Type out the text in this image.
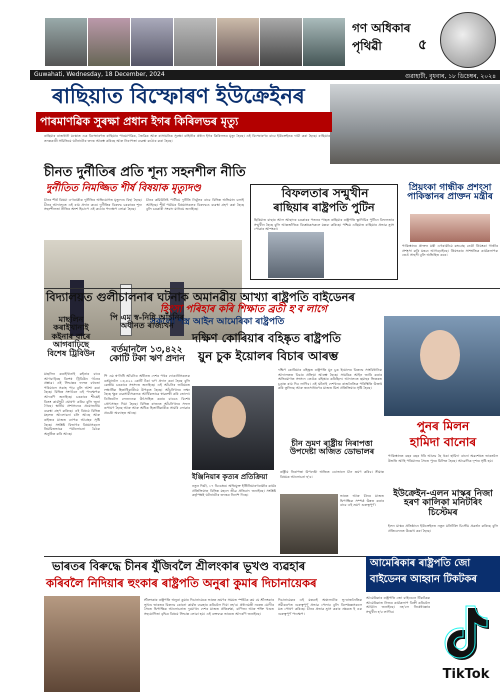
গণ অধিকাৰ
পৃথিৱী	৫
Guwahati, Wednesday, 18 December, 2024	গুৱাহাটী, বুধবাৰ, ১৮ ডিচেম্বৰ, ২০২৪
ৰাছিয়াত বিস্ফোৰণ ইউক্ৰেইনৰ
পাৰমাণৱিক সুৰক্ষা প্ৰধান ইগৰ কিৰিলভৰ মৃত্যু
ৰাছিয়াৰ ৰাজধানী মস্কোত এক বিস্ফোৰণত ৰাছিয়াৰ পাৰমাণৱিক, জৈৱিক আৰু ৰাসায়নিক সুৰক্ষা বাহিনীৰ প্ৰধান ইগৰ কিৰিলভৰ মৃত্যু হৈছে। এই বিস্ফোৰণৰ বাবে ইউক্ৰেইনক দায়ী কৰা হৈছে। ৰাছিয়াৰ তদন্তকাৰী সমিতিয়ে ঘটনাটোৰ তদন্ত আৰম্ভ কৰিছে আৰু নিৰাপত্তা ব্যৱস্থা কঠোৰ কৰা হৈছে।
চীনত দুৰ্নীতিৰ প্ৰতি শূন্য সহনশীল নীতি
দুৰ্নীতিত নিমজ্জিত শীৰ্ষ বিষয়াক মৃত্যুদণ্ড
চীনৰ শীৰ্ষ বিষয়া এগৰাকীক দুৰ্নীতিৰ অভিযোগত মৃত্যুদণ্ড বিহা হৈছে। চীনৰ আদালতে এই ৰায় প্ৰদান কৰে। দুৰ্নীতিৰ বিৰুদ্ধে চৰকাৰৰ শূন্য সহনশীলতা নীতিৰ অংশ হিচাপে এই কঠোৰ পদক্ষেপ লোৱা হৈছে।
চীনৰ কমিউনিষ্ট পাৰ্টীয়ে দুৰ্নীতি নিৰ্মূলৰ বাবে বিভিন্ন অভিযান চলাই আহিছে। শীৰ্ষ পৰ্যায়ৰ বিষয়াসকলৰ বিৰুদ্ধেও ব্যৱস্থা গ্ৰহণ কৰা হৈছে বুলি চৰকাৰী সংবাদ মাধ্যমে জনাইছে।
বিফলতাৰ সন্মুখীন
ৰাছিয়াৰ ৰাষ্ট্ৰপতি পুটিন
ছিৰিয়াত বাছাৰ আল আছাদৰ চৰকাৰৰ পতনৰ পাছত ৰাছিয়াৰ ৰাষ্ট্ৰপতি ভ্লাদিমিৰ পুটিনে বিফলতাৰ সন্মুখীন হৈছে বুলি আন্তৰ্জাতিক বিশ্লেষকসকলে মন্তব্য কৰিছে। পশ্চিম এছিয়াত ৰাছিয়াৰ প্ৰভাৱ হ্ৰাস পোৱাৰ আশংকা।
প্ৰিয়ংকা গান্ধীক প্ৰশংসা পাকিস্তানৰ প্ৰাক্তন মন্ত্ৰীৰ
পাকিস্তানৰ প্ৰাক্তন মন্ত্ৰী এগৰাকীয়ে কংগ্ৰেছ নেত্ৰী প্ৰিয়ংকা গান্ধীৰ প্ৰশংসা কৰি মন্তব্য আগবঢ়াইছে। প্ৰিয়ংকাৰ সাম্প্ৰতিক কাৰ্যকলাপক তেওঁ সাহসী বুলি অভিহিত কৰে।
বিদ্যালয়ত গুলীচালনাৰ ঘটনাক অমানৱীয় আখ্যা ৰাষ্ট্ৰপতি বাইডেনৰ
হিংসা পৰিহাৰ কৰি শিক্ষাত ব্ৰতী হ'ব লাগে
সকলো শস্ত্ৰ আইন আমেৰিকা ৰাষ্ট্ৰপতি
মাছলিন কৰাইখানাই কইনাৰ বাৰে আগবাঢ়িছে বিশেষ ট্ৰিবিউন
মাছলিন কৰাইখানাই কইনাৰ বাৰে আগবাঢ়িছে বিশেষ ট্ৰিবিউন গঠনৰ প্ৰস্তাৱ। এই সিদ্ধান্তৰ ফলত বহুতো পৰিয়ালে সকাহ পাব বুলি আশা কৰা হৈছে। বিভিন্ন সংগঠনে এই পদক্ষেপক আদৰণি জনাইছে। চৰকাৰে শীঘ্ৰেই বিতং কাৰ্যসূচী ঘোষণা কৰিব বুলি জনা গৈছে। স্থানীয় প্ৰশাসনেও প্ৰয়োজনীয় ব্যৱস্থা গ্ৰহণ কৰিছে। এই বিষয়ে বিভিন্ন মহলত আলোচনা চলি আছে আৰু ৰাইজৰ মাজত ব্যাপক আগ্ৰহৰ সৃষ্টি হৈছে। সংশ্লিষ্ট বিভাগৰ বিষয়াসকলে নিয়মিতভাৱে পৰ্যালোচনা বৈঠক অনুষ্ঠিত কৰি আছে।
পি এম স্ব-নিধি আঁচনিৰ অধীনত ৰাজ্যখন
বৰ্তমানলৈ ১৩,৪২২ কোটি টকা ঋণ প্ৰদান
পি এম স্ব-নিধি আঁচনিৰ অধীনত দেশৰ পথৰ দোকানীসকলক বৰ্তমানলৈ ১৩,৪২২ কোটি টকা ঋণ প্ৰদান কৰা হৈছে বুলি কেন্দ্ৰীয় চৰকাৰে সংসদত জনাইছে। এই আঁচনিৰ জৰিয়তে লক্ষাধিক হিতাধিকাৰীয়ে উপকৃত হৈছে। আঁচনিখনৰ লক্ষ্য হৈছে ক্ষুদ্ৰ ব্যৱসায়ীসকলক আৰ্থিকভাৱে স্বাৱলম্বী কৰি তোলা। ডিজিটেল লেনদেনক উৎসাহিত কৰাৰ বাবেও বিশেষ প্ৰোৎসাহন দিয়া হৈছে। বিভিন্ন ৰাজ্যত আঁচনিখনৰ সফল ৰূপায়ণ হৈছে আৰু আৰু অধিক হিতাধিকাৰীক সামৰি লোৱাৰ প্ৰচেষ্টা অব্যাহত আছে।
দক্ষিণ কোৰিয়াৰ বহিষ্কৃত ৰাষ্ট্ৰপতি
য়ুন চুক ইয়োলৰ বিচাৰ আৰম্ভ
দক্ষিণ কোৰিয়াৰ বহিষ্কৃত ৰাষ্ট্ৰপতি য়ুন চুক ইয়োলৰ বিৰুদ্ধে সাংবিধানিক আদালতত বিচাৰ প্ৰক্ৰিয়া আৰম্ভ হৈছে। সামৰিক আইন জাৰি কৰাৰ অভিযোগত সংসদে তেওঁক বহিষ্কাৰ কৰিছিল। আদালতে ছমাহৰ ভিতৰত চূড়ান্ত ৰায় দিব লাগিব। এই ঘটনাই দেশখনৰ ৰাজনৈতিক পৰিস্থিতি উত্তপ্ত কৰি তুলিছে আৰু জনসাধাৰণৰ মাজত মিশ্ৰ প্ৰতিক্ৰিয়াৰ সৃষ্টি হৈছে।
ইঞ্জিনিয়াৰ কৃত্যৰ প্ৰতিক্ৰিয়া
নতুন দিল্লী, ১৭ ডিচেম্বৰ। অভিযুক্ত ইঞ্জিনিয়াৰগৰাকীৰ কাৰ্যৰ প্ৰতিক্ৰিয়াত বিভিন্ন মহলে তীব্ৰ প্ৰতিবাদ জনাইছে। সংশ্লিষ্ট কৰ্তৃপক্ষই ঘটনাটোৰ তদন্তৰ নিৰ্দেশ দিছে।
চীন ভ্ৰমণ ৰাষ্ট্ৰীয় নিৰাপত্তা উপদেষ্টা অজিত ডোভালৰ
ৰাষ্ট্ৰীয় নিৰাপত্তা উপদেষ্টা অজিত ডোভালে চীন ভ্ৰমণ কৰিব। সীমান্ত বিষয়ক আলোচনা হ'ব।
ভাৰত আৰু চীনৰ মাজত দ্বিপাক্ষিক সম্পৰ্ক উন্নত কৰাৰ বাবে এই ভ্ৰমণ গুৰুত্বপূৰ্ণ।
পুনৰ মিলন
হামিদা বানোৰ
পাকিস্তানত বছৰ বছৰ ধৰি আবদ্ধ হৈ থকা হামিদা বানো অৱশেষত ভাৰতলৈ উভতি আহি পৰিয়ালৰ সৈতে পুনৰ মিলিত হৈছে। আৱেগিক দৃশ্যৰ সৃষ্টি হয়।
ইউক্ৰেইন-এলন মাস্কৰ নিজা হৰণ কালিকা মনিটৰিং চিস্টেমৰ
ইলন মাস্কৰ প্ৰতিষ্ঠানে ইউক্ৰেইনত নতুন মনিটৰিং চিস্টেম প্ৰৱৰ্তন কৰিছে বুলি প্ৰতিবেদনত উল্লেখ কৰা হৈছে।
ভাৰতৰ বিৰুদ্ধে চীনৰ যুঁজিবলৈ শ্ৰীলংকাৰ ভূখণ্ড ব্যৱহাৰ
কৰিবলৈ নিদিয়াৰ হুংকাৰ ৰাষ্ট্ৰপতি অনুৰা কুমাৰ দিচানায়েকৰ
শ্ৰীলংকাৰ ৰাষ্ট্ৰপতি অনুৰা কুমাৰ দিচানায়েকে ভাৰত ভ্ৰমণৰ সময়ত স্পষ্টকৈ কয় যে শ্ৰীলংকাৰ ভূখণ্ড ভাৰতৰ বিৰুদ্ধে কোনো কাৰ্যত ব্যৱহাৰ কৰিবলৈ দিয়া নহ'ব। প্ৰধানমন্ত্ৰী নৰেন্দ্ৰ মোদীৰ সৈতে দ্বিপাক্ষিক আলোচনাত দুয়োখন দেশৰ মাজত প্ৰতিৰক্ষা, বাণিজ্য আৰু শক্তি খণ্ডত সহযোগিতা বৃদ্ধিৰ বিষয়ে সিদ্ধান্ত লোৱা হয়। এই বক্তব্যক ভাৰতে আদৰণি জনাইছে।
দিচানায়েকৰ এই মন্তব্যই অঞ্চলটোৰ ভূ-ৰাজনৈতিক সমীকৰণত গুৰুত্বপূৰ্ণ প্ৰভাৱ পেলাব বুলি বিশেষজ্ঞসকলে মত পোষণ কৰিছে। চীনৰ প্ৰভাৱ হ্ৰাস কৰাৰ ক্ষেত্ৰত ই এক গুৰুত্বপূৰ্ণ পদক্ষেপ।
আমেৰিকাৰ ৰাষ্ট্ৰপতি জো
বাইডেনৰ আহ্বান টিকটকৰ
আমেৰিকাৰ ৰাষ্ট্ৰপতি জো বাইডেনে টিকটকক আমেৰিকাত নিজৰ কাৰ্যকলাপ বিক্ৰী কৰিবলৈ আহ্বান জনাইছে। নহ'লে নিষেধাজ্ঞাৰ সন্মুখীন হ'ব লাগিব।
TikTok
